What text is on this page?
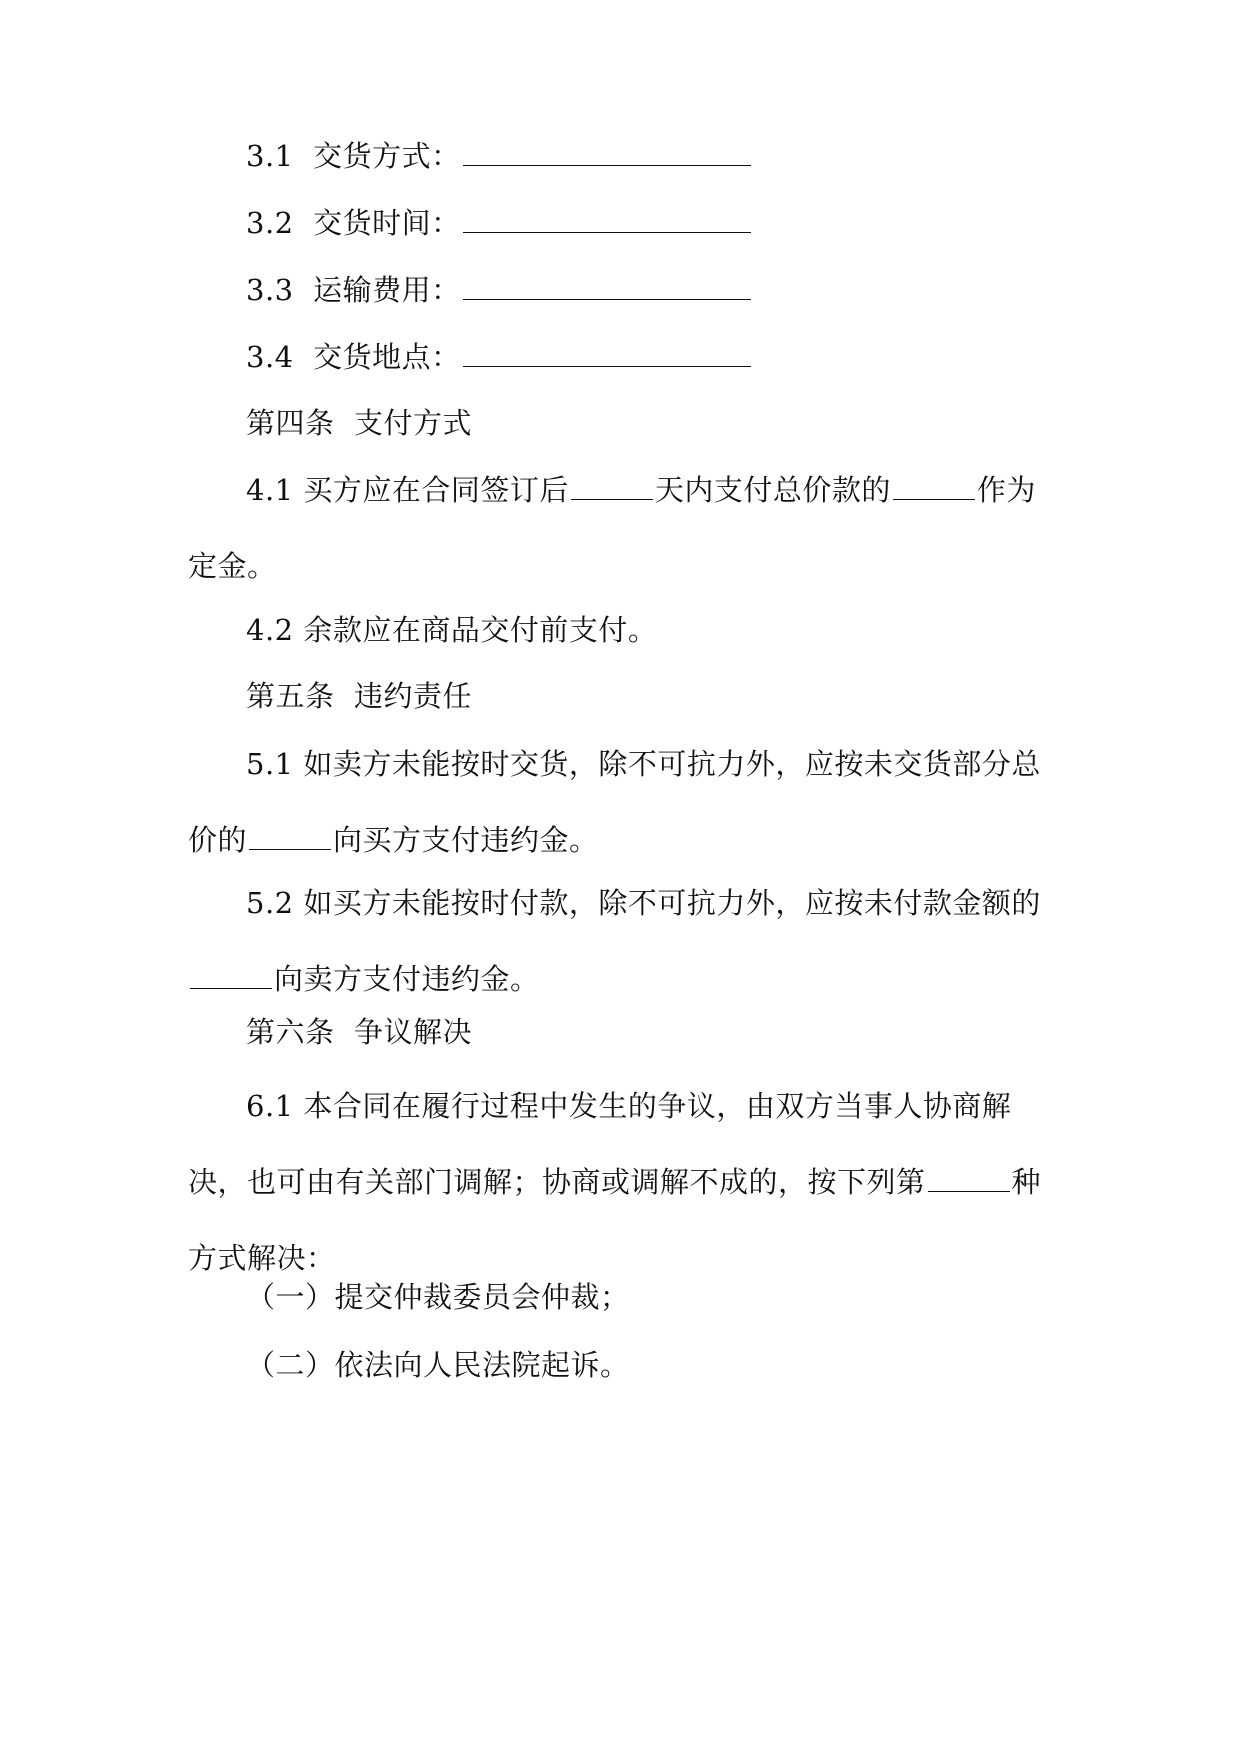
3.1 交货方式：

3.2 交货时间：

3.3 运输费用：

3.4 交货地点：

第四条 支付方式

4.1 买方应在合同签订后	天内支付总价款的	作为定金。

4.2 余款应在商品交付前支付。

第五条 违约责任

5.1 如卖方未能按时交货，除不可抗力外，应按未交货部分总价的	向买方支付违约金。

5.2 如买方未能按时付款，除不可抗力外，应按未付款金额的向卖方支付违约金。

第六条 争议解决

6.1 本合同在履行过程中发生的争议，由双方当事人协商解决，也可由有关部门调解；协商或调解不成的，按下列第	种方式解决：

（一）提交仲裁委员会仲裁；

（二）依法向人民法院起诉。
